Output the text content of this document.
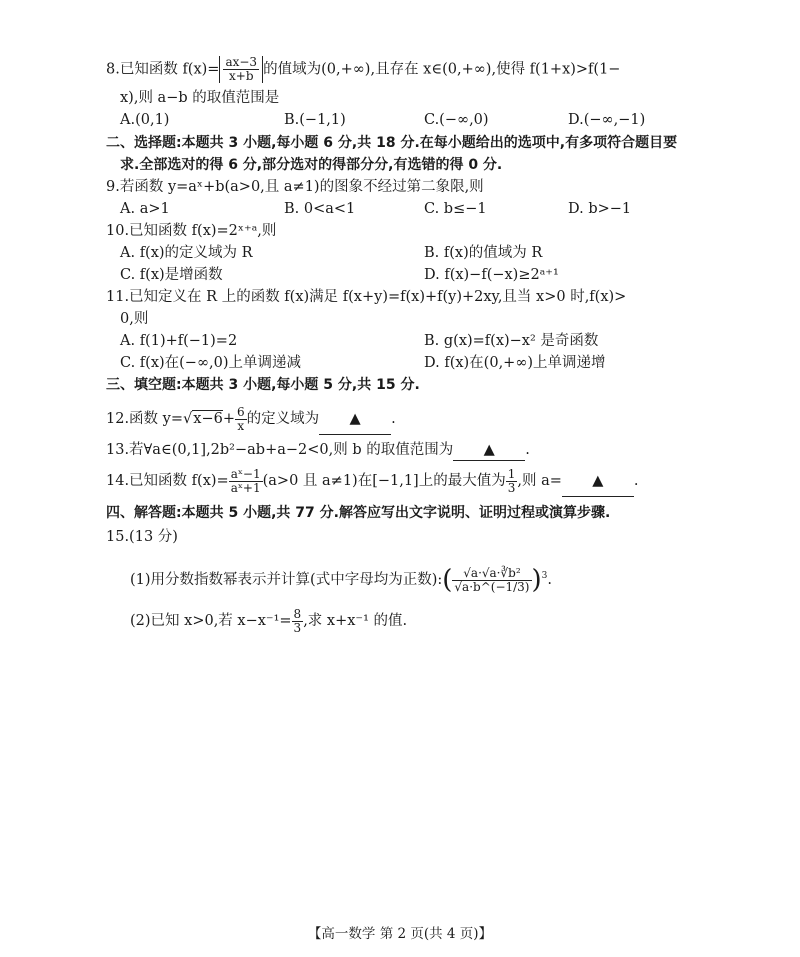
8.已知函数 $f(x)= \frac{ax-3}{x+b}$ 的值域为(0,+∞),且存在 x∈(0,+∞),使得 f(1+x)>f(1−
x),则 a−b 的取值范围是
A.(0,1)	B.(−1,1)	C.(−∞,0)	D.(−∞,−1)
二、选择题:本题共 3 小题,每小题 6 分,共 18 分.在每小题给出的选项中,有多项符合题目要
求.全部选对的得 6 分,部分选对的得部分分,有选错的得 0 分.
9.若函数 y=aˣ+b(a>0,且 a≠1)的图象不经过第二象限,则
A. a>1	B. 0<a<1	C. b≤−1	D. b>−1
10.已知函数 f(x)=2ˣ⁺ᵃ,则
A. f(x)的定义域为 R	B. f(x)的值域为 R
C. f(x)是增函数	D. f(x)−f(−x)≥2ᵃ⁺¹
11.已知定义在 R 上的函数 f(x)满足 f(x+y)=f(x)+f(y)+2xy,且当 x>0 时,f(x)>
0,则
A. f(1)+f(−1)=2	B. g(x)=f(x)−x² 是奇函数
C. f(x)在(−∞,0)上单调递减	D. f(x)在(0,+∞)上单调递增
三、填空题:本题共 3 小题,每小题 5 分,共 15 分.
12.函数 $y=√x-6+ \frac{6}{x}$ 的定义域为 ▲ .
13.若∀a∈(0,1],2b²−ab+a−2<0,则 b 的取值范围为 ▲ .
14.已知函数 $f(x)= \frac{\text{aˣ−1}}{\text{aˣ+1}} (a>0$ 且 a≠1)在[−1,1]上的最大值为 $\frac{1}{3}$ ,则 a= ▲ .
四、解答题:本题共 5 小题,共 77 分.解答应写出文字说明、证明过程或演算步骤.
15.(13 分)
(1)用分数指数幂表示并计算(式中字母均为正数):( $\frac{\text{√a·√a·∛b²}}{√a\cdot b\^{}(-1/3)} )^3$.
(2)已知 x>0,若 $x-x^{-1}= \frac{8}{3}$ ,求 x+x⁻¹ 的值.
【高一数学 第 2 页(共 4 页)】
